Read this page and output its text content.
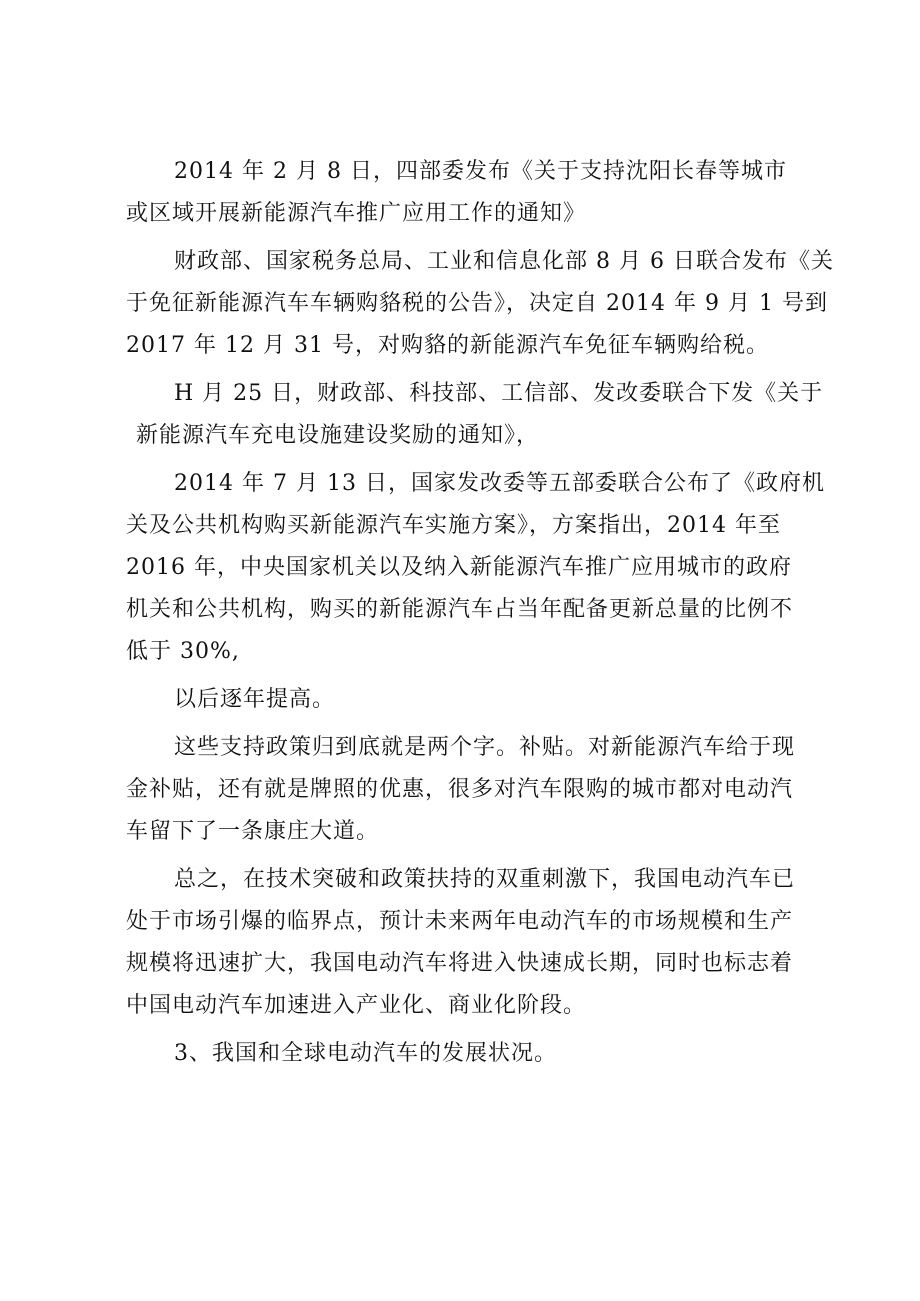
2014 年 2 月 8 日，四部委发布《关于支持沈阳长春等城市
或区域开展新能源汽车推广应用工作的通知》
财政部、国家税务总局、工业和信息化部 8 月 6 日联合发布《关
于免征新能源汽车车辆购貉税的公告》，决定自 2014 年 9 月 1 号到
2017 年 12 月 31 号，对购貉的新能源汽车免征车辆购给税。
H 月 25 日，财政部、科技部、工信部、发改委联合下发《关于
新能源汽车充电设施建设奖励的通知》，
2014 年 7 月 13 日，国家发改委等五部委联合公布了《政府机
关及公共机构购买新能源汽车实施方案》，方案指出，2014 年至
2016 年，中央国家机关以及纳入新能源汽车推广应用城市的政府
机关和公共机构，购买的新能源汽车占当年配备更新总量的比例不
低于 30%,
以后逐年提高。
这些支持政策归到底就是两个字。补贴。对新能源汽车给于现
金补贴，还有就是牌照的优惠，很多对汽车限购的城市都对电动汽
车留下了一条康庄大道。
总之，在技术突破和政策扶持的双重刺激下，我国电动汽车已
处于市场引爆的临界点，预计未来两年电动汽车的市场规模和生产
规模将迅速扩大，我国电动汽车将进入快速成长期，同时也标志着
中国电动汽车加速进入产业化、商业化阶段。
3、我国和全球电动汽车的发展状况。
